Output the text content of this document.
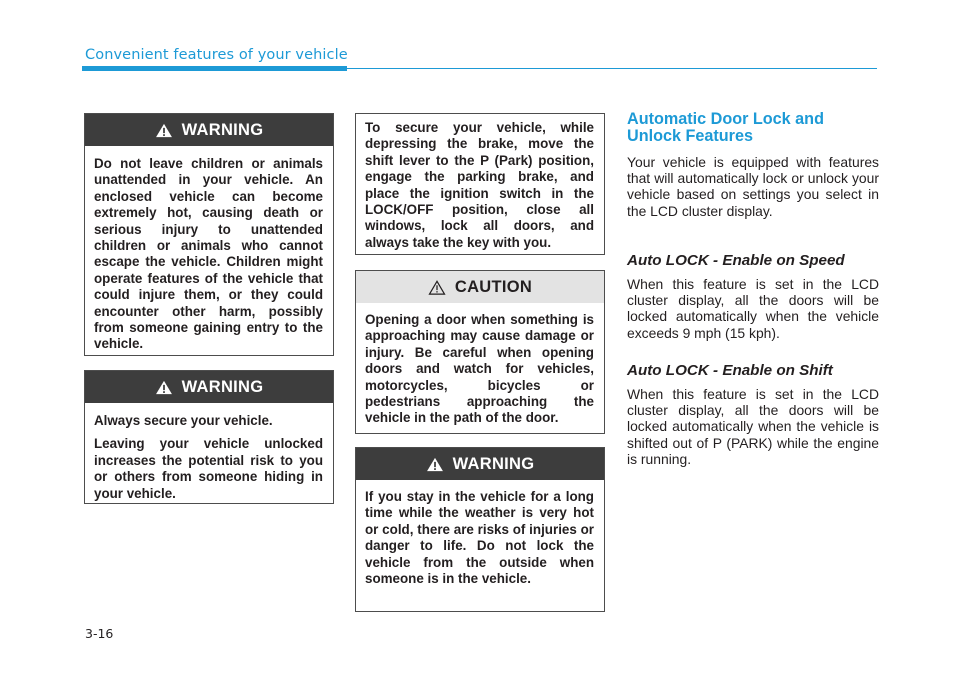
Convenient features of your vehicle
WARNING

Do not leave children or animals unattended in your vehicle. An enclosed vehicle can become extremely hot, causing death or serious injury to unattended children or animals who cannot escape the vehicle. Children might operate features of the vehicle that could injure them, or they could encounter other harm, possibly from someone gaining entry to the vehicle.

WARNING

Always secure your vehicle.

Leaving your vehicle unlocked increases the potential risk to you or others from someone hiding in your vehicle.

To secure your vehicle, while depressing the brake, move the shift lever to the P (Park) position, engage the parking brake, and place the ignition switch in the LOCK/OFF position, close all windows, lock all doors, and always take the key with you.

CAUTION

Opening a door when something is approaching may cause damage or injury. Be careful when opening doors and watch for vehicles, motorcycles, bicycles or pedestrians approaching the vehicle in the path of the door.

WARNING

If you stay in the vehicle for a long time while the weather is very hot or cold, there are risks of injuries or danger to life. Do not lock the vehicle from the outside when someone is in the vehicle.

Automatic Door Lock and Unlock Features

Your vehicle is equipped with features that will automatically lock or unlock your vehicle based on settings you select in the LCD cluster display.

Auto LOCK - Enable on Speed

When this feature is set in the LCD cluster display, all the doors will be locked automatically when the vehicle exceeds 9 mph (15 kph).

Auto LOCK - Enable on Shift

When this feature is set in the LCD cluster display, all the doors will be locked automatically when the vehicle is shifted out of P (PARK) while the engine is running.

3-16
